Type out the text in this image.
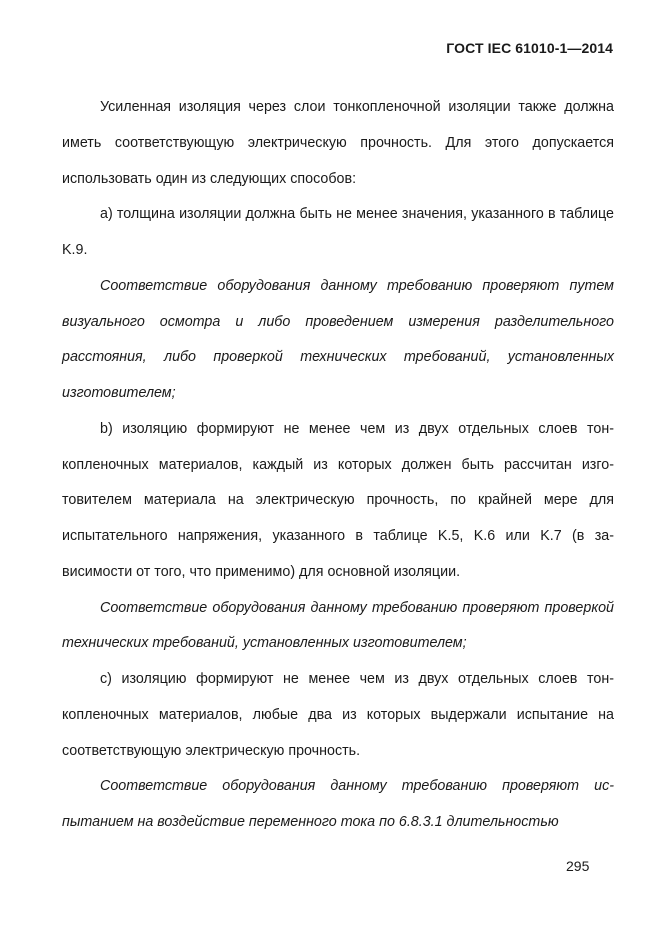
ГОСТ IEC 61010-1—2014

Усиленная изоляция через слои тонкопленочной изоляции также должна иметь соответствующую электрическую прочность. Для этого допускается использовать один из следующих способов:

a) толщина изоляции должна быть не менее значения, указанного в таблице K.9.

Соответствие оборудования данному требованию проверяют путем визуального осмотра и либо проведением измерения разделительного расстояния, либо проверкой технических требований, установленных изготовителем;

b) изоляцию формируют не менее чем из двух отдельных слоев тонкопленочных материалов, каждый из которых должен быть рассчитан изготовителем материала на электрическую прочность, по крайней мере для испытательного напряжения, указанного в таблице K.5, K.6 или K.7 (в зависимости от того, что применимо) для основной изоляции.

Соответствие оборудования данному требованию проверяют проверкой технических требований, установленных изготовителем;

c) изоляцию формируют не менее чем из двух отдельных слоев тонкопленочных материалов, любые два из которых выдержали испытание на соответствующую электрическую прочность.

Соответствие оборудования данному требованию проверяют испытанием на воздействие переменного тока по 6.8.3.1 длительностью

295
